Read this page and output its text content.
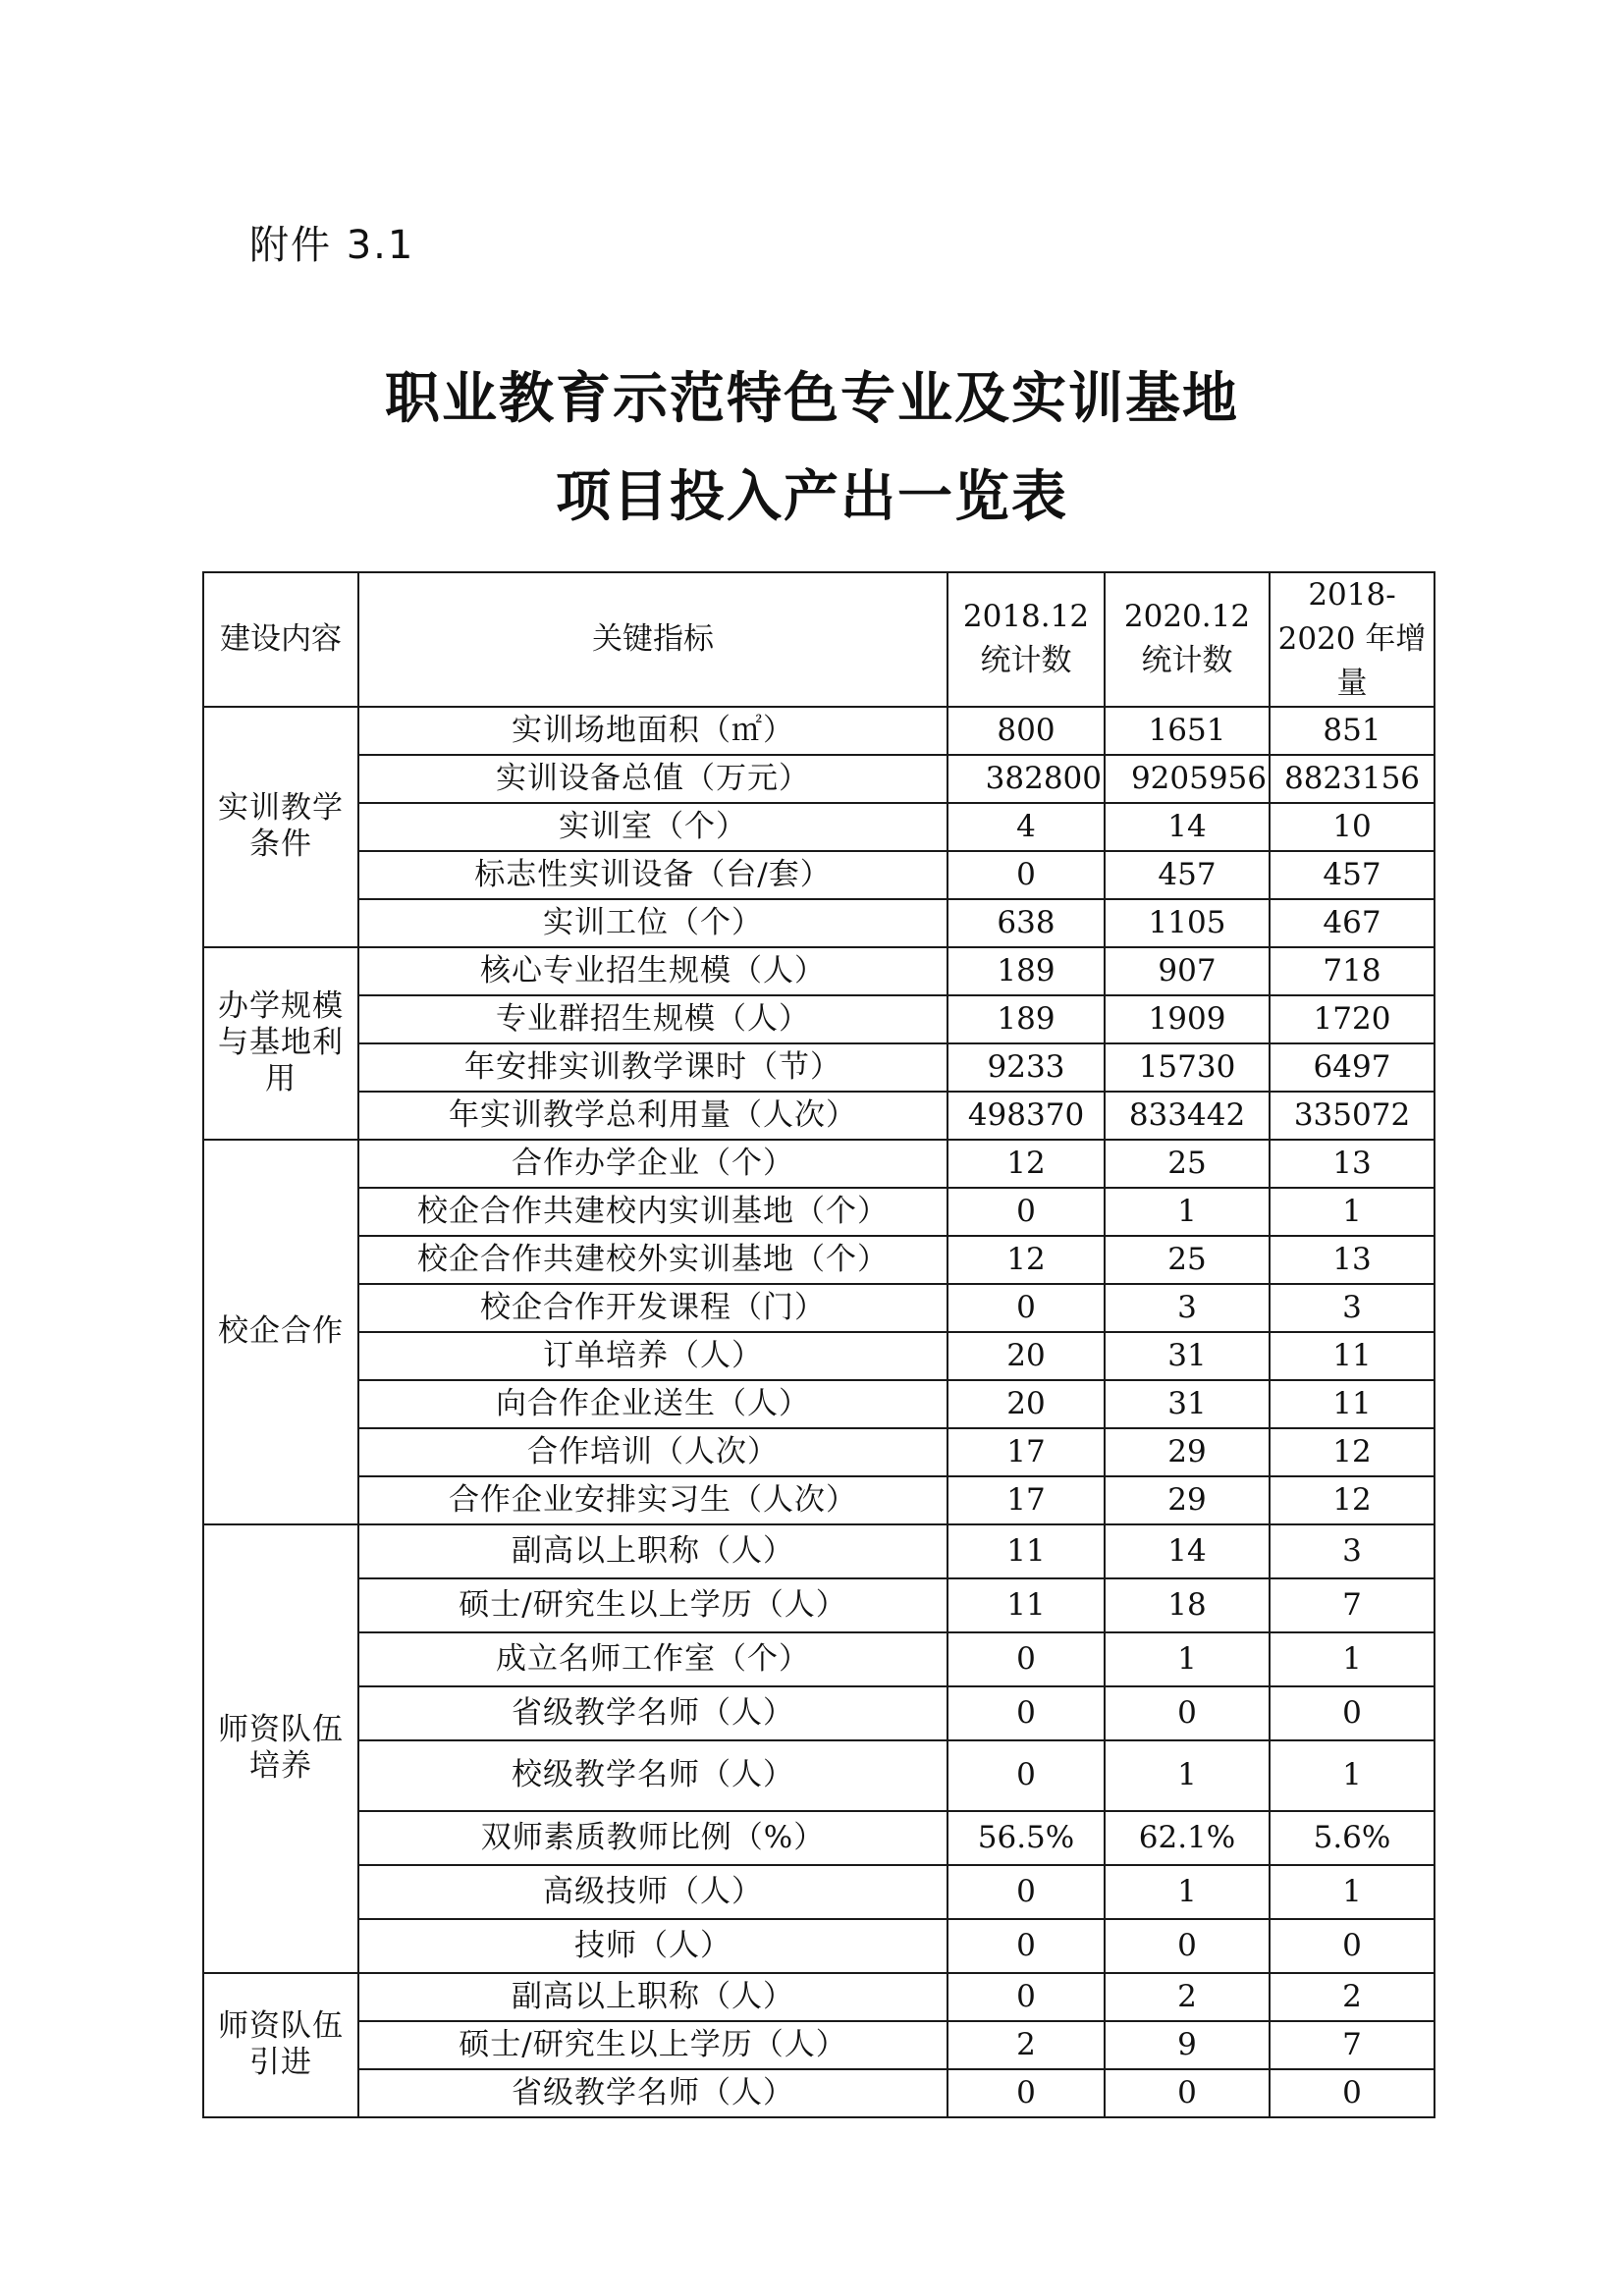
附件 3.1
职业教育示范特色专业及实训基地
项目投入产出一览表
建设内容	关键指标	2018.12 统计数	2020.12 统计数	2018-2020 年增量
实训教学条件	实训场地面积（㎡）	800	1651	851
	实训设备总值（万元）	382800	9205956	8823156
	实训室（个）	4	14	10
	标志性实训设备（台/套）	0	457	457
	实训工位（个）	638	1105	467
办学规模与基地利用	核心专业招生规模（人）	189	907	718
	专业群招生规模（人）	189	1909	1720
	年安排实训教学课时（节）	9233	15730	6497
	年实训教学总利用量（人次）	498370	833442	335072
校企合作	合作办学企业（个）	12	25	13
	校企合作共建校内实训基地（个）	0	1	1
	校企合作共建校外实训基地（个）	12	25	13
	校企合作开发课程（门）	0	3	3
	订单培养（人）	20	31	11
	向合作企业送生（人）	20	31	11
	合作培训（人次）	17	29	12
	合作企业安排实习生（人次）	17	29	12
师资队伍培养	副高以上职称（人）	11	14	3
	硕士/研究生以上学历（人）	11	18	7
	成立名师工作室（个）	0	1	1
	省级教学名师（人）	0	0	0
	校级教学名师（人）	0	1	1
	双师素质教师比例（%）	56.5%	62.1%	5.6%
	高级技师（人）	0	1	1
	技师（人）	0	0	0
师资队伍引进	副高以上职称（人）	0	2	2
	硕士/研究生以上学历（人）	2	9	7
	省级教学名师（人）	0	0	0
